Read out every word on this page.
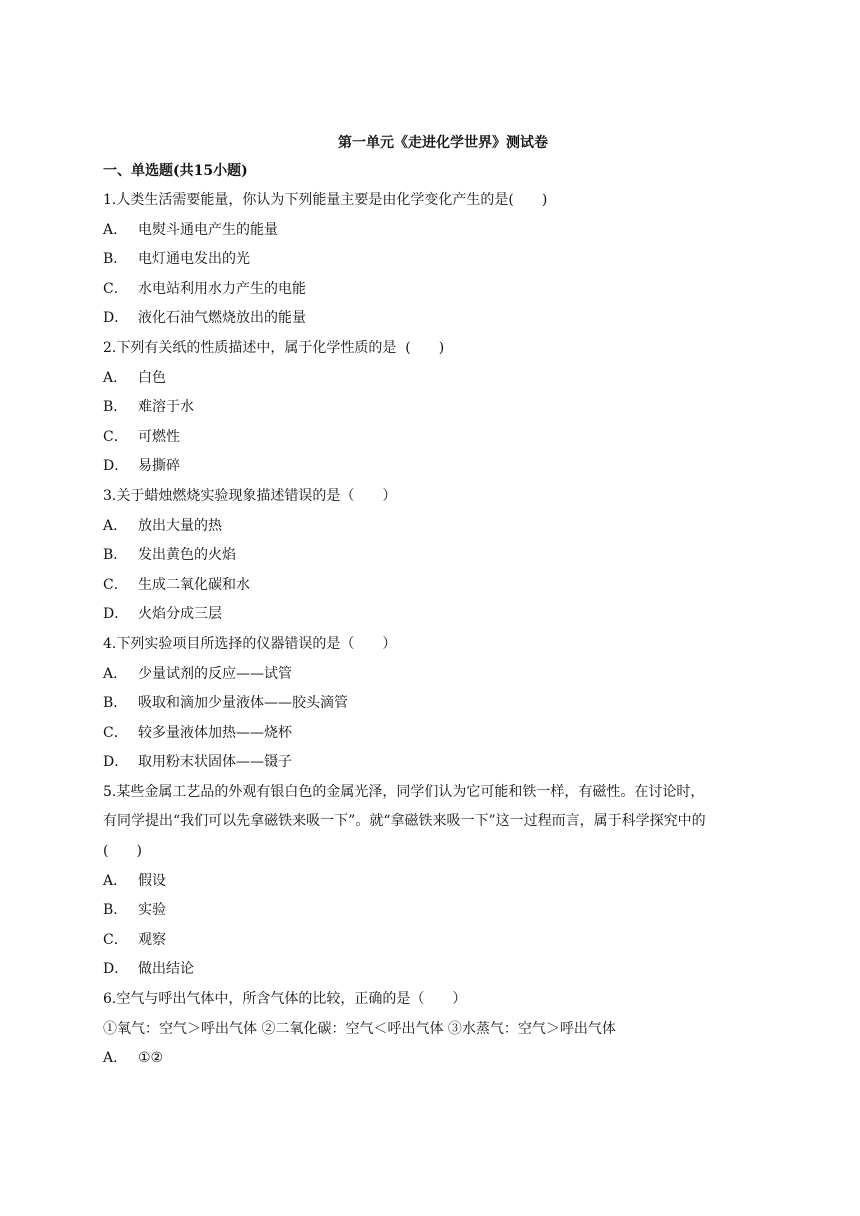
第一单元《走进化学世界》测试卷
一、单选题(共15小题)
1.人类生活需要能量，你认为下列能量主要是由化学变化产生的是(　　)
A． 电熨斗通电产生的能量
B． 电灯通电发出的光
C． 水电站利用水力产生的电能
D． 液化石油气燃烧放出的能量
2.下列有关纸的性质描述中，属于化学性质的是  (　　)
A． 白色
B． 难溶于水
C． 可燃性
D． 易撕碎
3.关于蜡烛燃烧实验现象描述错误的是（　　）
A． 放出大量的热
B． 发出黄色的火焰
C． 生成二氧化碳和水
D． 火焰分成三层
4.下列实验项目所选择的仪器错误的是（　　）
A． 少量试剂的反应——试管
B． 吸取和滴加少量液体——胶头滴管
C． 较多量液体加热——烧杯
D． 取用粉末状固体——镊子
5.某些金属工艺品的外观有银白色的金属光泽，同学们认为它可能和铁一样，有磁性。在讨论时，
有同学提出“我们可以先拿磁铁来吸一下”。就“拿磁铁来吸一下”这一过程而言，属于科学探究中的
(　　)
A． 假设
B． 实验
C． 观察
D． 做出结论
6.空气与呼出气体中，所含气体的比较，正确的是（　　）
①氧气：空气＞呼出气体 ②二氧化碳：空气＜呼出气体 ③水蒸气：空气＞呼出气体
A． ①②
